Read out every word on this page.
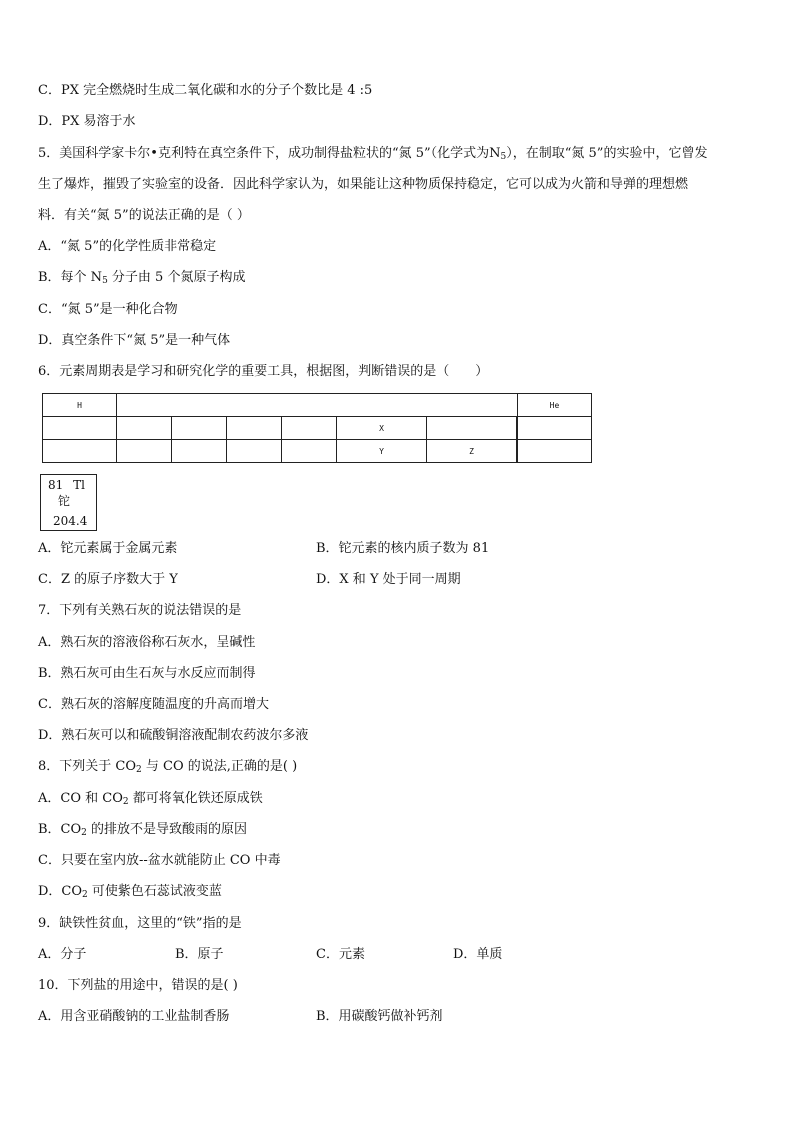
C．PX 完全燃烧时生成二氧化碳和水的分子个数比是 4 :5
D．PX 易溶于水
5．美国科学家卡尔•克利特在真空条件下，成功制得盐粒状的“氮 5”（化学式为$N_5$），在制取“氮 5”的实验中，它曾发
生了爆炸，摧毁了实验室的设备．因此科学家认为，如果能让这种物质保持稳定，它可以成为火箭和导弹的理想燃
料．有关“氮 5”的说法正确的是（ ）
A．“氮 5”的化学性质非常稳定
B．每个 $N_5$ 分子由 5 个氮原子构成
C．“氮 5”是一种化合物
D．真空条件下“氮 5”是一种气体
6．元素周期表是学习和研究化学的重要工具，根据图，判断错误的是（　　）
H							He
					X			
					Y	Z		
81 Tl
铊
204.4
A．铊元素属于金属元素	B．铊元素的核内质子数为 81
C．Z 的原子序数大于 Y	D．X 和 Y 处于同一周期
7．下列有关熟石灰的说法错误的是
A．熟石灰的溶液俗称石灰水，呈碱性
B．熟石灰可由生石灰与水反应而制得
C．熟石灰的溶解度随温度的升高而增大
D．熟石灰可以和硫酸铜溶液配制农药波尔多液
8．下列关于 $CO_2$ 与 CO 的说法,正确的是( )
A．CO 和 $CO_2$ 都可将氧化铁还原成铁
B．$CO_2$ 的排放不是导致酸雨的原因
C．只要在室内放--盆水就能防止 CO 中毒
D．$CO_2$ 可使紫色石蕊试液变蓝
9．缺铁性贫血，这里的“铁”指的是
A．分子	B．原子	C．元素	D．单质
10．下列盐的用途中，错误的是( )
A．用含亚硝酸钠的工业盐制香肠	B．用碳酸钙做补钙剂
